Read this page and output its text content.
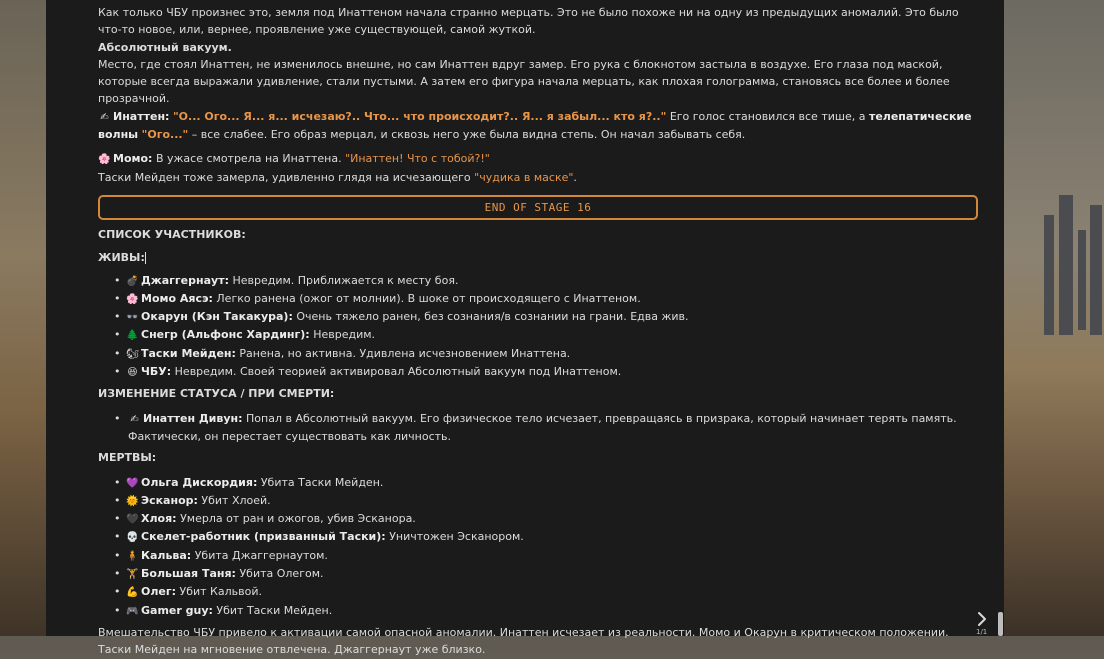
Как только ЧБУ произнес это, земля под Инаттеном начала странно мерцать. Это не было похоже ни на одну из предыдущих аномалий. Это было что-то новое, или, вернее, проявление уже существующей, самой жуткой.

Абсолютный вакуум.

Место, где стоял Инаттен, не изменилось внешне, но сам Инаттен вдруг замер. Его рука с блокнотом застыла в воздухе. Его глаза под маской, которые всегда выражали удивление, стали пустыми. А затем его фигура начала мерцать, как плохая голограмма, становясь все более и более прозрачной.

✍ Инаттен: "О... Ого... Я... я... исчезаю?.. Что... что происходит?.. Я... я забыл... кто я?.." Его голос становился все тише, а телепатические волны "Ого..." – все слабее. Его образ мерцал, и сквозь него уже была видна степь. Он начал забывать себя.

🌸 Момо: В ужасе смотрела на Инаттена. "Инаттен! Что с тобой?!"

Таски Мейден тоже замерла, удивленно глядя на исчезающего "чудика в маске".

END OF STAGE 16

СПИСОК УЧАСТНИКОВ:

ЖИВЫ:

• 💣 Джаггернаут: Невредим. Приближается к месту боя.
• 🌸 Момо Аясэ: Легко ранена (ожог от молнии). В шоке от происходящего с Инаттеном.
• 👓 Окарун (Кэн Такакура): Очень тяжело ранен, без сознания/в сознании на грани. Едва жив.
• 🌲 Снегр (Альфонс Хардинг): Невредим.
• 🐿 Таски Мейден: Ранена, но активна. Удивлена исчезновением Инаттена.
• 😆 ЧБУ: Невредим. Своей теорией активировал Абсолютный вакуум под Инаттеном.

ИЗМЕНЕНИЕ СТАТУСА / ПРИ СМЕРТИ:

• ✍ Инаттен Дивун: Попал в Абсолютный вакуум. Его физическое тело исчезает, превращаясь в призрака, который начинает терять память. Фактически, он перестает существовать как личность.

МЕРТВЫ:

• 💜 Ольга Дискордия: Убита Таски Мейден.
• 🌞 Эсканор: Убит Хлоей.
• 🖤 Хлоя: Умерла от ран и ожогов, убив Эсканора.
• 💀 Скелет-работник (призванный Таски): Уничтожен Эсканором.
• 🧍 Кальва: Убита Джаггернаутом.
• 🏋 Большая Таня: Убита Олегом.
• 💪 Олег: Убит Кальвой.
• 🎮 Gamer guy: Убит Таски Мейден.

Вмешательство ЧБУ привело к активации самой опасной аномалии. Инаттен исчезает из реальности. Момо и Окарун в критическом положении. Таски Мейден на мгновение отвлечена. Джаггернаут уже близко.

1/1
